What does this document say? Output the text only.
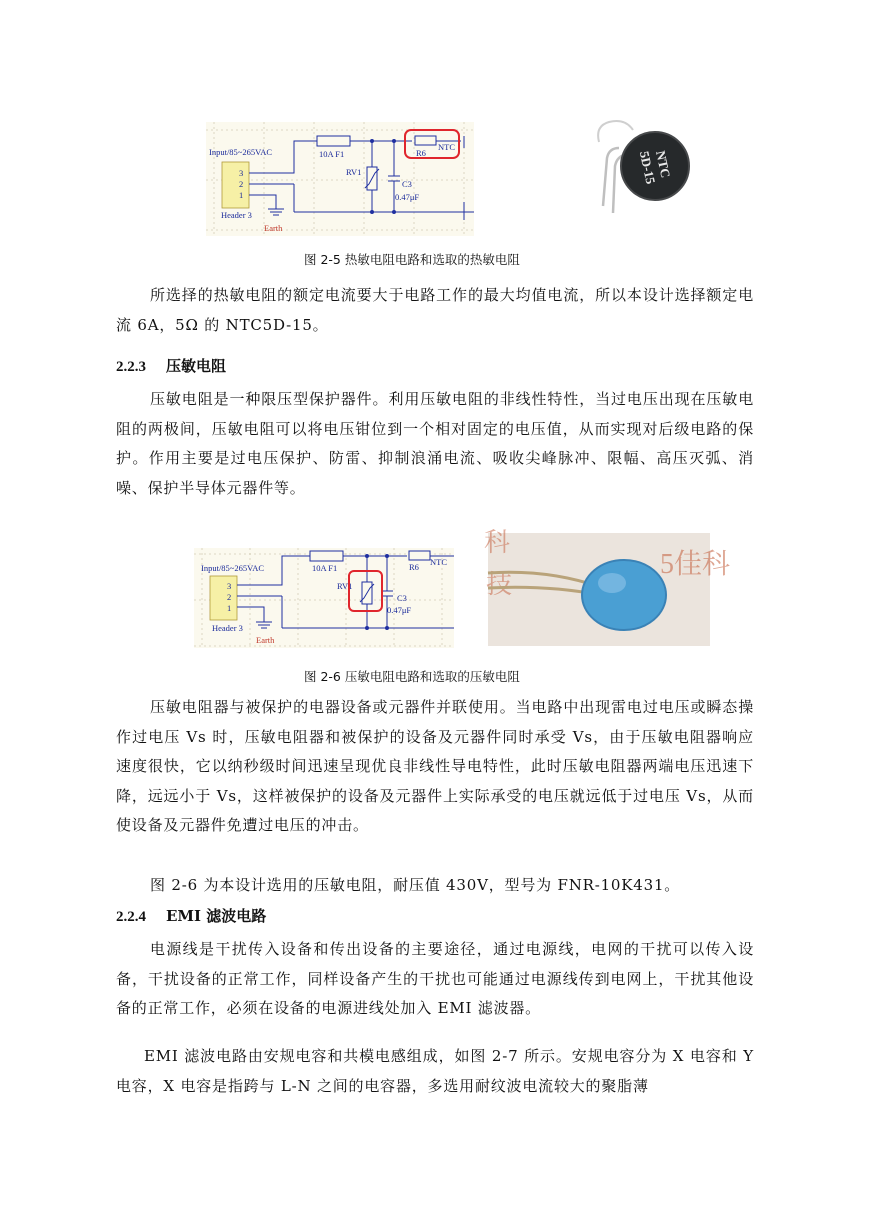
3
2
1
Input/85~265VAC
Header 3
Earth
10A F1
RV1
C3
0.47μF
R6
NTC
NTC
5D-15
图 2-5 热敏电阻电路和选取的热敏电阻
所选择的热敏电阻的额定电流要大于电路工作的最大均值电流，所以本设计选择额定电流 6A，5Ω 的 NTC5D-15。
2.2.3 压敏电阻
压敏电阻是一种限压型保护器件。利用压敏电阻的非线性特性，当过电压出现在压敏电阻的两极间，压敏电阻可以将电压钳位到一个相对固定的电压值，从而实现对后级电路的保护。作用主要是过电压保护、防雷、抑制浪涌电流、吸收尖峰脉冲、限幅、高压灭弧、消噪、保护半导体元器件等。
3
2
1
Input/85~265VAC
Header 3
Earth
10A F1
RV1
C3
0.47μF
R6 NTC
科
技
5佳科
图 2-6 压敏电阻电路和选取的压敏电阻
压敏电阻器与被保护的电器设备或元器件并联使用。当电路中出现雷电过电压或瞬态操作过电压 Vs 时，压敏电阻器和被保护的设备及元器件同时承受 Vs，由于压敏电阻器响应速度很快，它以纳秒级时间迅速呈现优良非线性导电特性，此时压敏电阻器两端电压迅速下降，远远小于 Vs，这样被保护的设备及元器件上实际承受的电压就远低于过电压 Vs，从而使设备及元器件免遭过电压的冲击。
图 2-6 为本设计选用的压敏电阻，耐压值 430V，型号为 FNR-10K431。
2.2.4 EMI 滤波电路
电源线是干扰传入设备和传出设备的主要途径，通过电源线，电网的干扰可以传入设备，干扰设备的正常工作，同样设备产生的干扰也可能通过电源线传到电网上，干扰其他设备的正常工作，必须在设备的电源进线处加入 EMI 滤波器。
EMI 滤波电路由安规电容和共模电感组成，如图 2-7 所示。安规电容分为 X 电容和 Y 电容，X 电容是指跨与 L-N 之间的电容器，多选用耐纹波电流较大的聚脂薄
